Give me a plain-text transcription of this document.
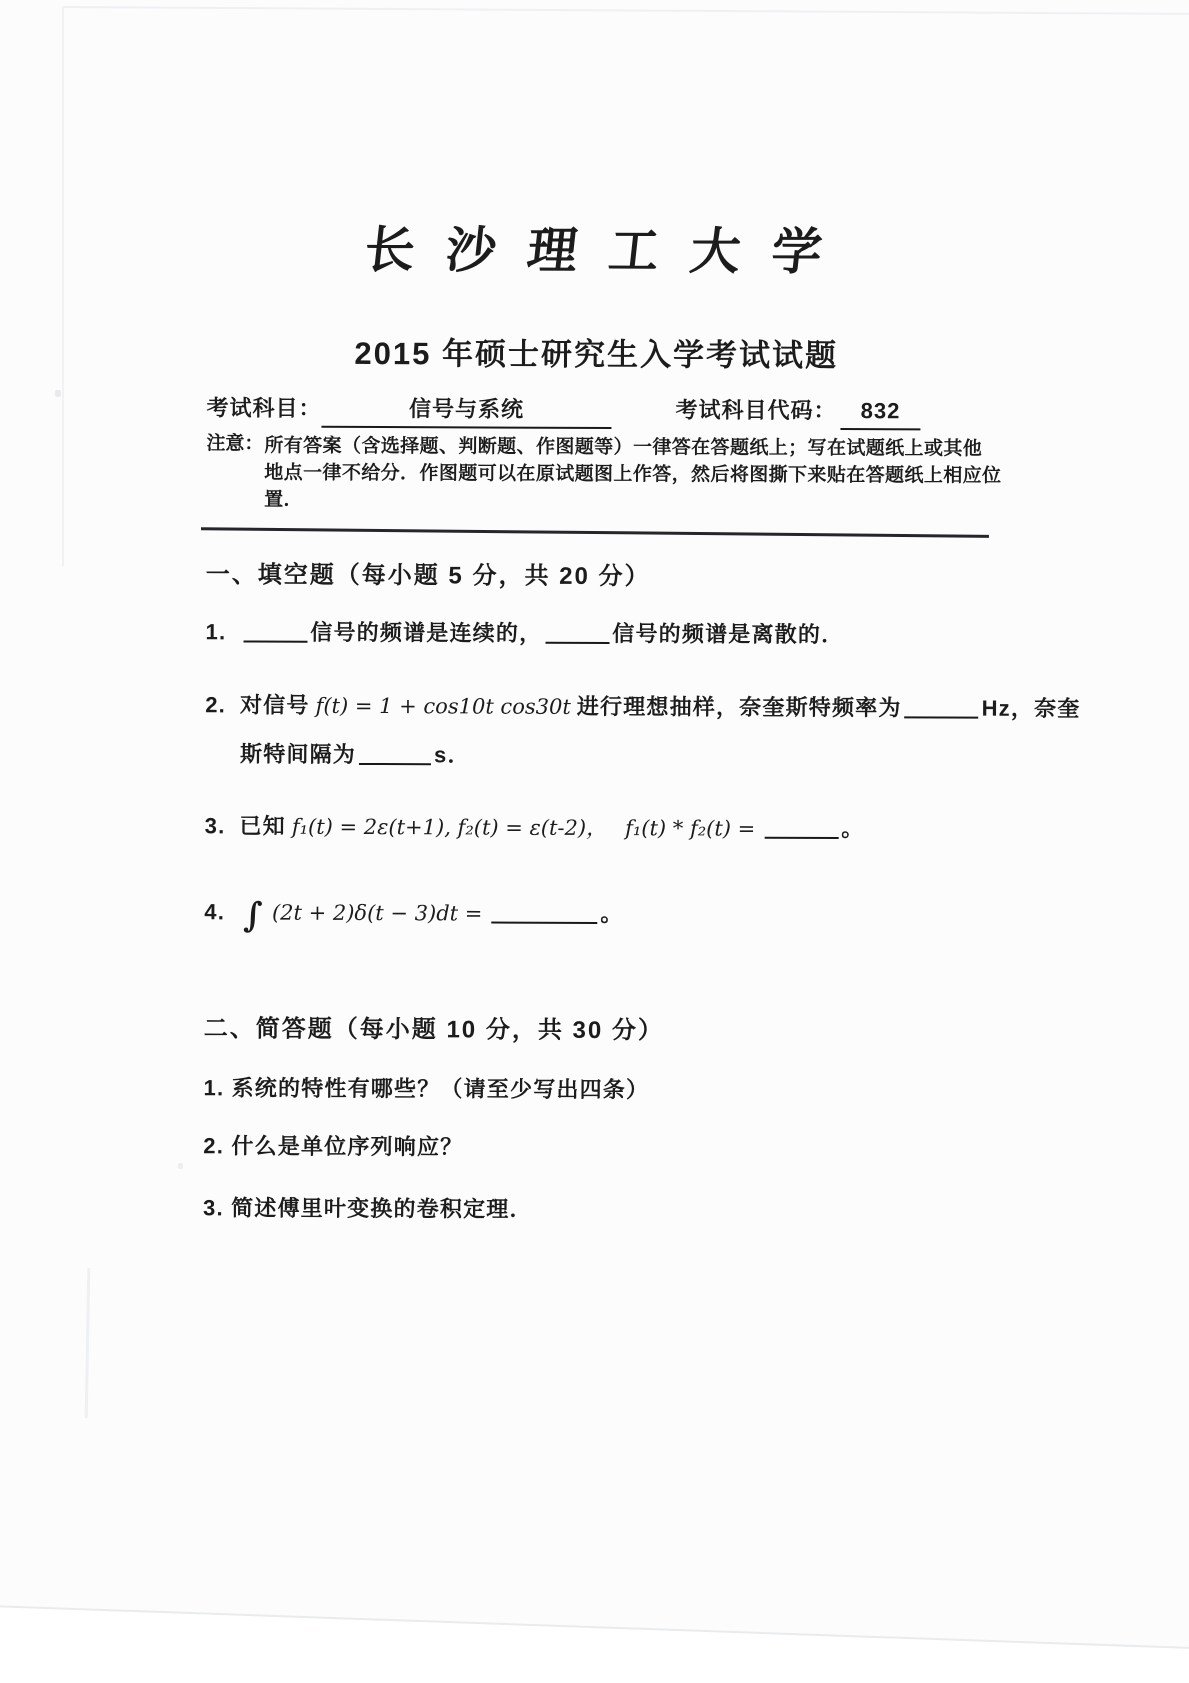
长 沙 理 工 大 学
2015 年硕士研究生入学考试试题
考试科目：	信号与系统	考试科目代码： 832
注意： 所有答案（含选择题、判断题、作图题等）一律答在答题纸上；写在试题纸上或其他
地点一律不给分．作图题可以在原试题图上作答，然后将图撕下来贴在答题纸上相应位
置．
一、填空题（每小题 5 分，共 20 分）
1.	信号的频谱是连续的，	信号的频谱是离散的．
2. 对信号 f(t) = 1 + cos10t cos30t 进行理想抽样，奈奎斯特频率为	Hz，奈奎
斯特间隔为	s．
3. 已知 f₁(t) = 2ε(t+1), f₂(t) = ε(t-2)， f₁(t) * f₂(t) =	。
4. ∫ (2t + 2)δ(t − 3)dt =	。
二、简答题（每小题 10 分，共 30 分）
1. 系统的特性有哪些？（请至少写出四条）
2. 什么是单位序列响应？
3. 简述傅里叶变换的卷积定理．
